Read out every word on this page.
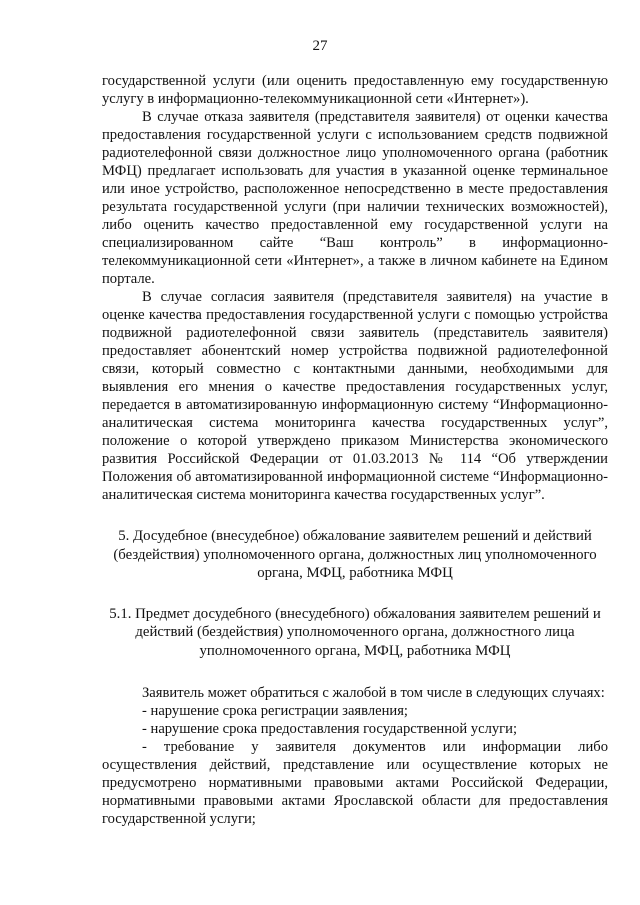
27

государственной услуги (или оценить предоставленную ему государственную услугу в информационно-телекоммуникационной сети «Интернет»).

В случае отказа заявителя (представителя заявителя) от оценки качества предоставления государственной услуги с использованием средств подвижной радиотелефонной связи должностное лицо уполномоченного органа (работник МФЦ) предлагает использовать для участия в указанной оценке терминальное или иное устройство, расположенное непосредственно в месте предоставления результата государственной услуги (при наличии технических возможностей), либо оценить качество предоставленной ему государственной услуги на специализированном сайте “Ваш контроль” в информационно-телекоммуникационной сети «Интернет», а также в личном кабинете на Едином портале.

В случае согласия заявителя (представителя заявителя) на участие в оценке качества предоставления государственной услуги с помощью устройства подвижной радиотелефонной связи заявитель (представитель заявителя) предоставляет абонентский номер устройства подвижной радиотелефонной связи, который совместно с контактными данными, необходимыми для выявления его мнения о качестве предоставления государственных услуг, передается в автоматизированную информационную систему “Информационно-аналитическая система мониторинга качества государственных услуг”, положение о которой утверждено приказом Министерства экономического развития Российской Федерации от 01.03.2013 № 114 “Об утверждении Положения об автоматизированной информационной системе “Информационно-аналитическая система мониторинга качества государственных услуг”.

5. Досудебное (внесудебное) обжалование заявителем решений и действий (бездействия) уполномоченного органа, должностных лиц уполномоченного органа, МФЦ, работника МФЦ

5.1. Предмет досудебного (внесудебного) обжалования заявителем решений и действий (бездействия) уполномоченного органа, должностного лица уполномоченного органа, МФЦ, работника МФЦ

Заявитель может обратиться с жалобой в том числе в следующих случаях:

- нарушение срока регистрации заявления;

- нарушение срока предоставления государственной услуги;

- требование у заявителя документов или информации либо осуществления действий, представление или осуществление которых не предусмотрено нормативными правовыми актами Российской Федерации, нормативными правовыми актами Ярославской области для предоставления государственной услуги;
